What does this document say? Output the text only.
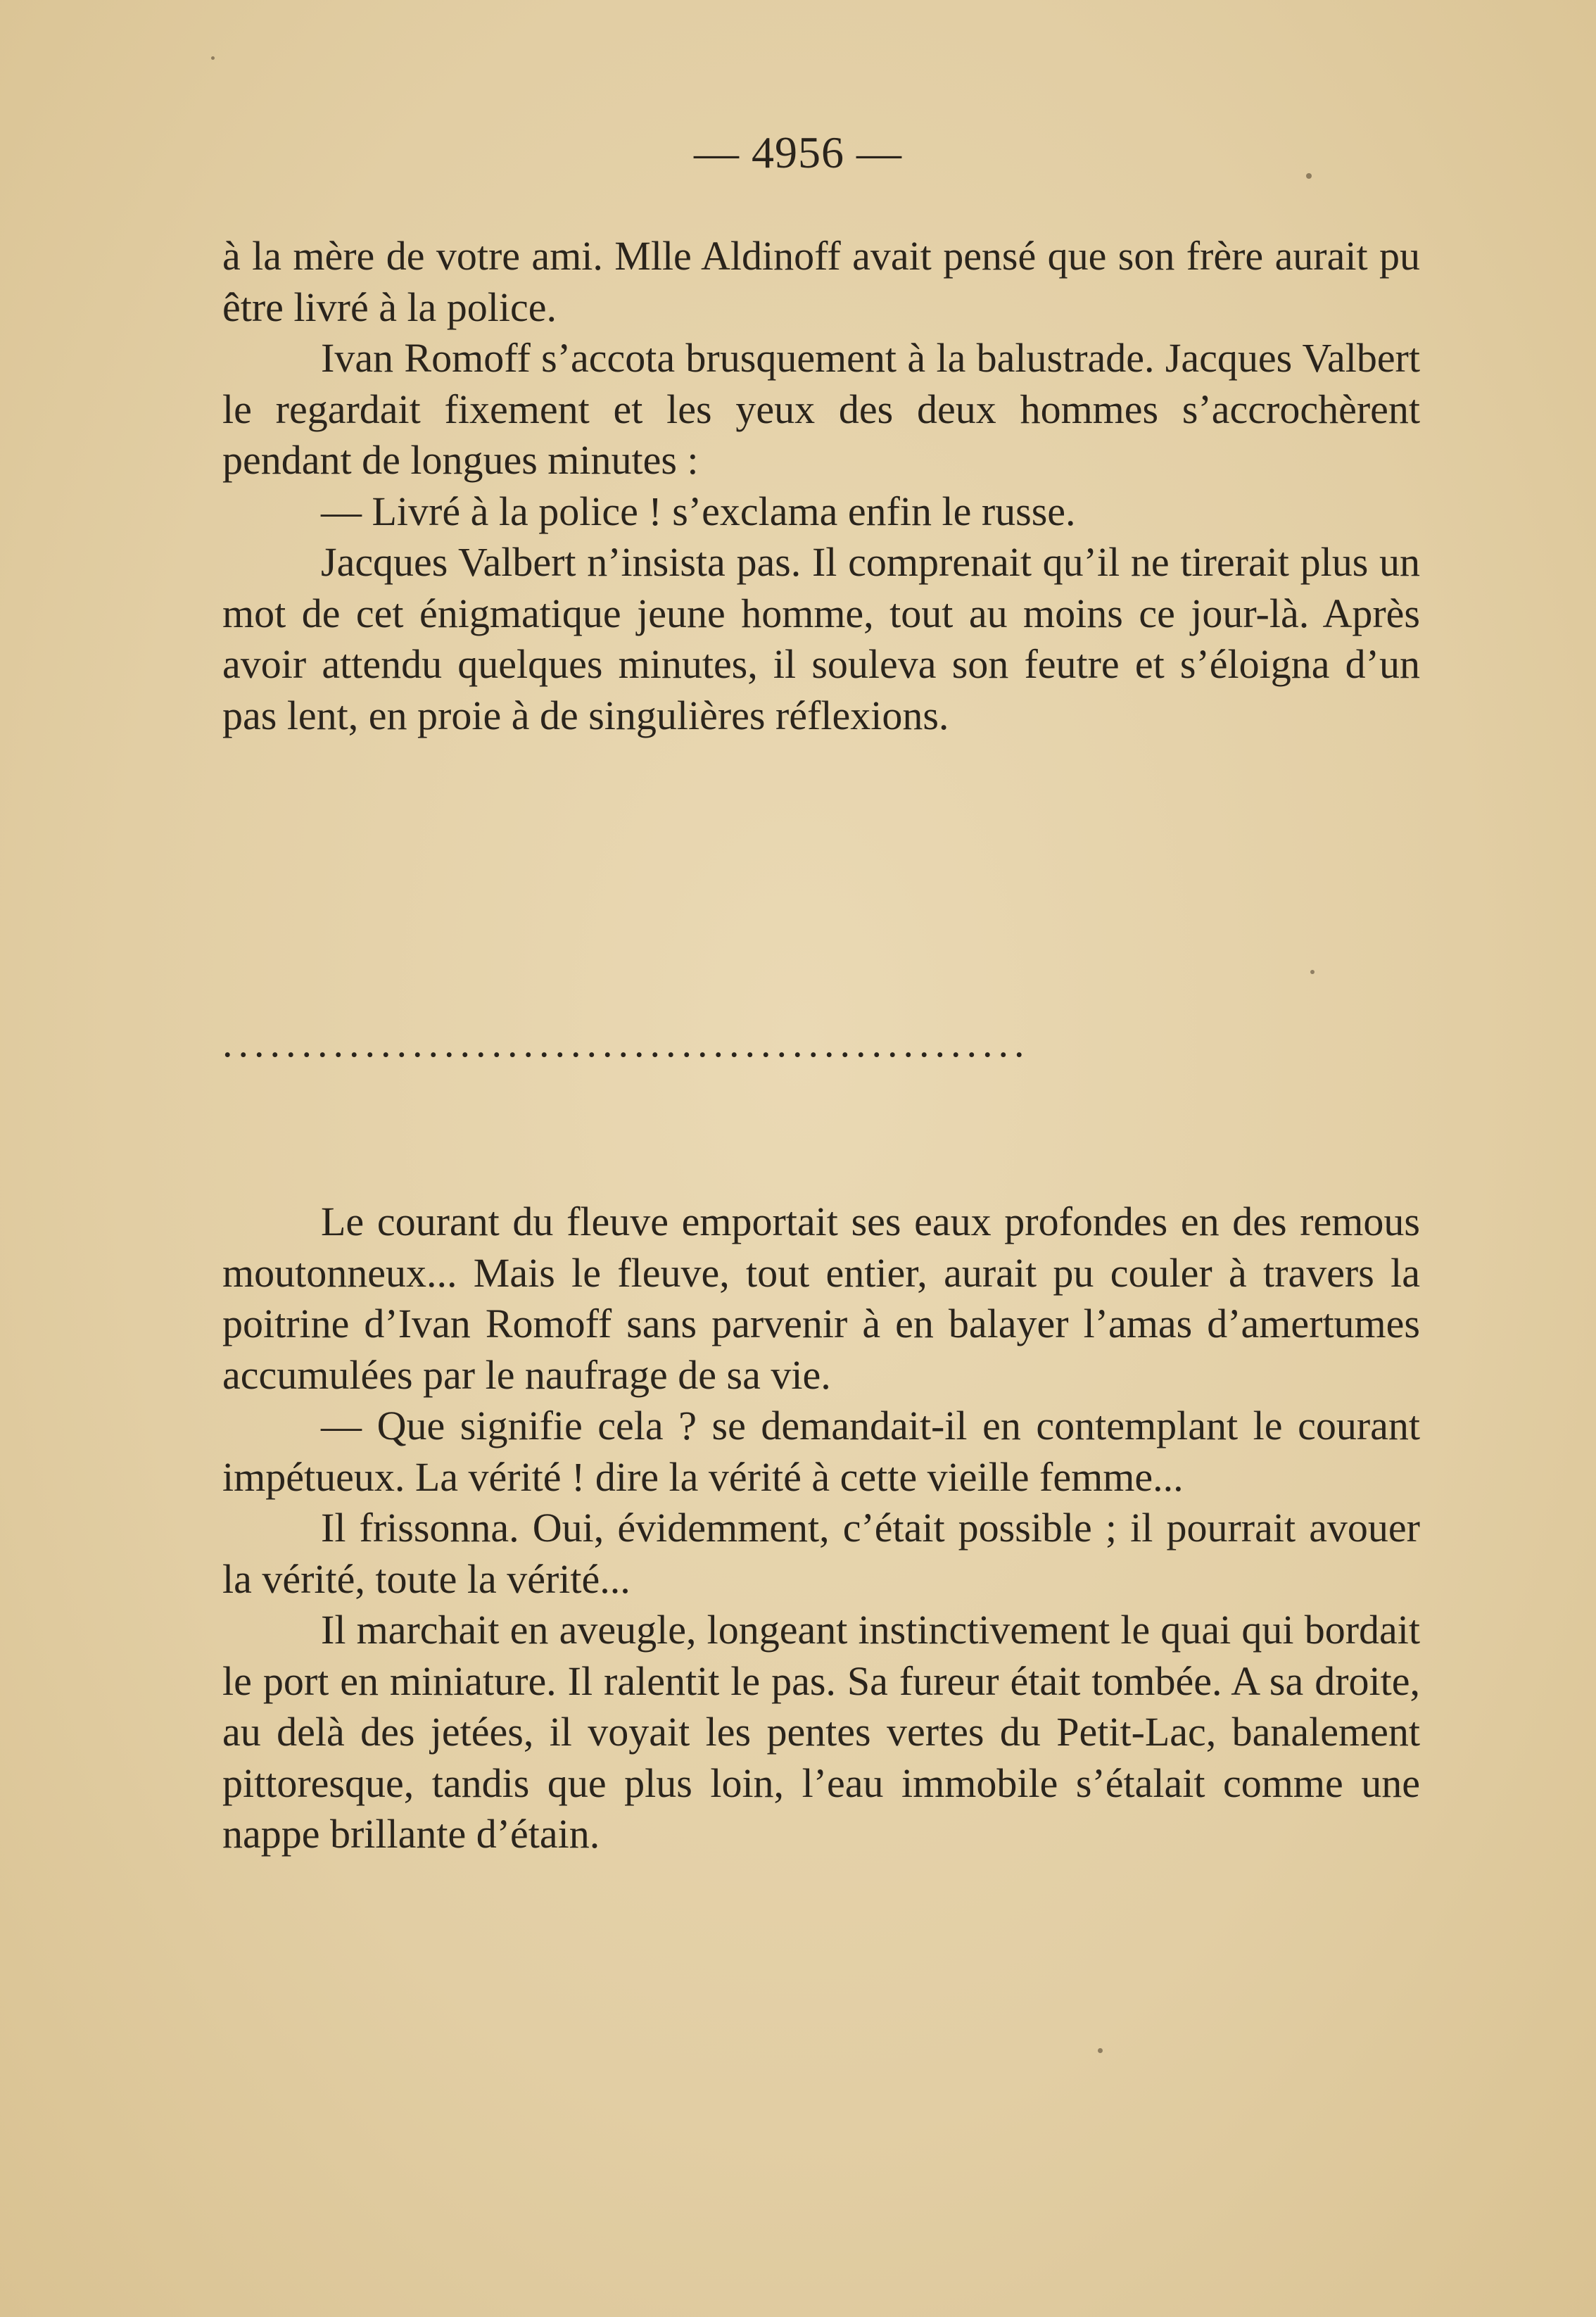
— 4956 —

à la mère de votre ami. Mlle Aldinoff avait pensé que son frère aurait pu être livré à la police.

Ivan Romoff s’accota brusquement à la balustrade. Jacques Valbert le regardait fixement et les yeux des deux hommes s’accrochèrent pendant de longues minutes :

— Livré à la police ! s’exclama enfin le russe.

Jacques Valbert n’insista pas. Il comprenait qu’il ne tirerait plus un mot de cet énigmatique jeune homme, tout au moins ce jour-là. Après avoir attendu quelques minutes, il souleva son feutre et s’éloigna d’un pas lent, en proie à de singulières réflexions.

...................................................

Le courant du fleuve emportait ses eaux profondes en des remous moutonneux... Mais le fleuve, tout entier, aurait pu couler à travers la poitrine d’Ivan Romoff sans parvenir à en balayer l’amas d’amertumes accumulées par le naufrage de sa vie.

— Que signifie cela ? se demandait-il en contemplant le courant impétueux. La vérité ! dire la vérité à cette vieille femme...

Il frissonna. Oui, évidemment, c’était possible ; il pourrait avouer la vérité, toute la vérité...

Il marchait en aveugle, longeant instinctivement le quai qui bordait le port en miniature. Il ralentit le pas. Sa fureur était tombée. A sa droite, au delà des jetées, il voyait les pentes vertes du Petit-Lac, banalement pittoresque, tandis que plus loin, l’eau immobile s’étalait comme une nappe brillante d’étain.
